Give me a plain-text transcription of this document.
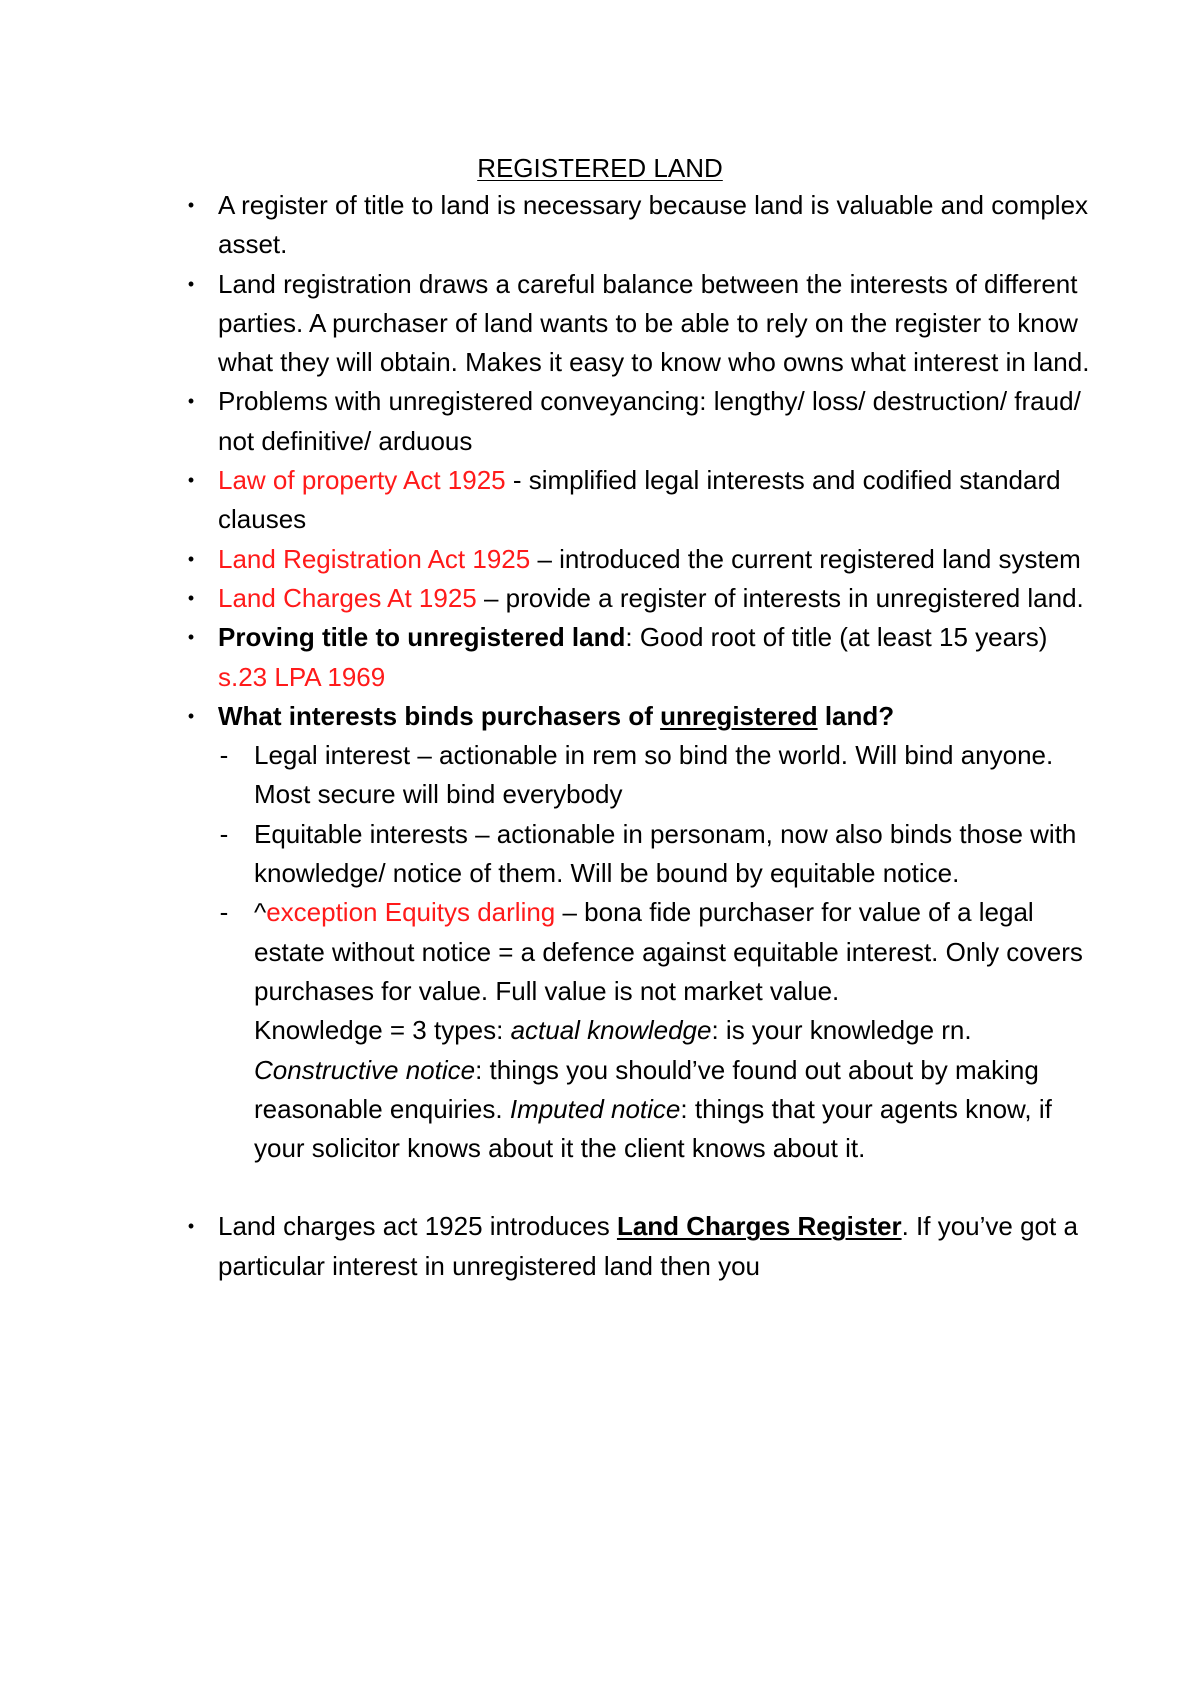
REGISTERED LAND
• A register of title to land is necessary because land is valuable and complex asset.
• Land registration draws a careful balance between the interests of different parties. A purchaser of land wants to be able to rely on the register to know what they will obtain. Makes it easy to know who owns what interest in land.
• Problems with unregistered conveyancing: lengthy/ loss/ destruction/ fraud/ not definitive/ arduous
• Law of property Act 1925 - simplified legal interests and codified standard clauses
• Land Registration Act 1925 – introduced the current registered land system
• Land Charges At 1925 – provide a register of interests in unregistered land.
• Proving title to unregistered land: Good root of title (at least 15 years) s.23 LPA 1969
• What interests binds purchasers of unregistered land?
- Legal interest – actionable in rem so bind the world. Will bind anyone. Most secure will bind everybody
- Equitable interests – actionable in personam, now also binds those with knowledge/ notice of them. Will be bound by equitable notice.
- ^exception Equitys darling – bona fide purchaser for value of a legal estate without notice = a defence against equitable interest. Only covers purchases for value. Full value is not market value.
Knowledge = 3 types: actual knowledge: is your knowledge rn. Constructive notice: things you should’ve found out about by making reasonable enquiries. Imputed notice: things that your agents know, if your solicitor knows about it the client knows about it.
• Land charges act 1925 introduces Land Charges Register. If you’ve got a particular interest in unregistered land then you
